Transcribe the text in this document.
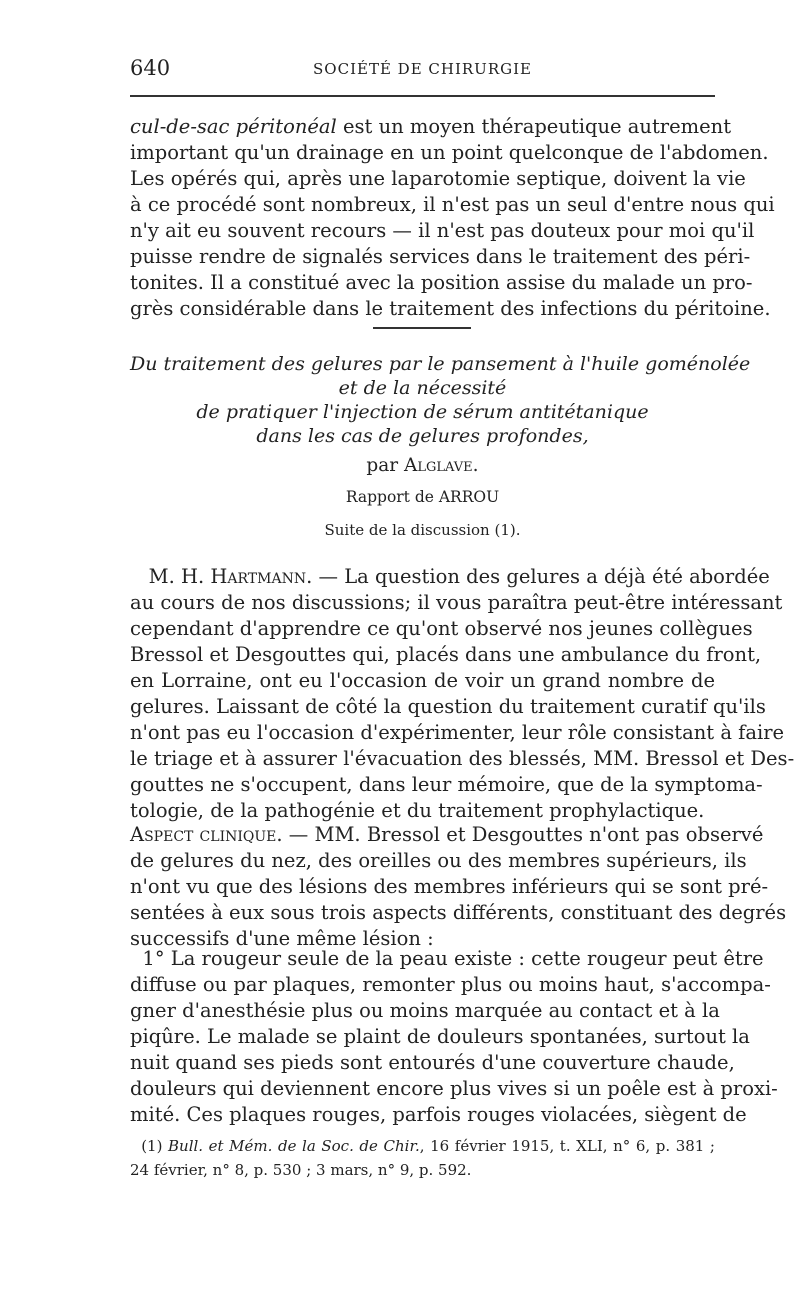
640	SOCIÉTÉ DE CHIRURGIE
cul-de-sac péritonéal est un moyen thérapeutique autrement
important qu'un drainage en un point quelconque de l'abdomen.
Les opérés qui, après une laparotomie septique, doivent la vie
à ce procédé sont nombreux, il n'est pas un seul d'entre nous qui
n'y ait eu souvent recours — il n'est pas douteux pour moi qu'il
puisse rendre de signalés services dans le traitement des péri-
tonites. Il a constitué avec la position assise du malade un pro-
grès considérable dans le traitement des infections du péritoine.
Du traitement des gelures par le pansement à l'huile goménolée
et de la nécessité
de pratiquer l'injection de sérum antitétanique
dans les cas de gelures profondes,
par Alglave.
Rapport de ARROU
Suite de la discussion (1).
M. H. Hartmann. — La question des gelures a déjà été abordée
au cours de nos discussions; il vous paraîtra peut-être intéressant
cependant d'apprendre ce qu'ont observé nos jeunes collègues
Bressol et Desgouttes qui, placés dans une ambulance du front,
en Lorraine, ont eu l'occasion de voir un grand nombre de
gelures. Laissant de côté la question du traitement curatif qu'ils
n'ont pas eu l'occasion d'expérimenter, leur rôle consistant à faire
le triage et à assurer l'évacuation des blessés, MM. Bressol et Des-
gouttes ne s'occupent, dans leur mémoire, que de la symptoma-
tologie, de la pathogénie et du traitement prophylactique.
Aspect clinique. — MM. Bressol et Desgouttes n'ont pas observé
de gelures du nez, des oreilles ou des membres supérieurs, ils
n'ont vu que des lésions des membres inférieurs qui se sont pré-
sentées à eux sous trois aspects différents, constituant des degrés
successifs d'une même lésion :
1° La rougeur seule de la peau existe : cette rougeur peut être
diffuse ou par plaques, remonter plus ou moins haut, s'accompa-
gner d'anesthésie plus ou moins marquée au contact et à la
piqûre. Le malade se plaint de douleurs spontanées, surtout la
nuit quand ses pieds sont entourés d'une couverture chaude,
douleurs qui deviennent encore plus vives si un poêle est à proxi-
mité. Ces plaques rouges, parfois rouges violacées, siègent de
(1) Bull. et Mém. de la Soc. de Chir., 16 février 1915, t. XLI, n° 6, p. 381 ;
24 février, n° 8, p. 530 ; 3 mars, n° 9, p. 592.
